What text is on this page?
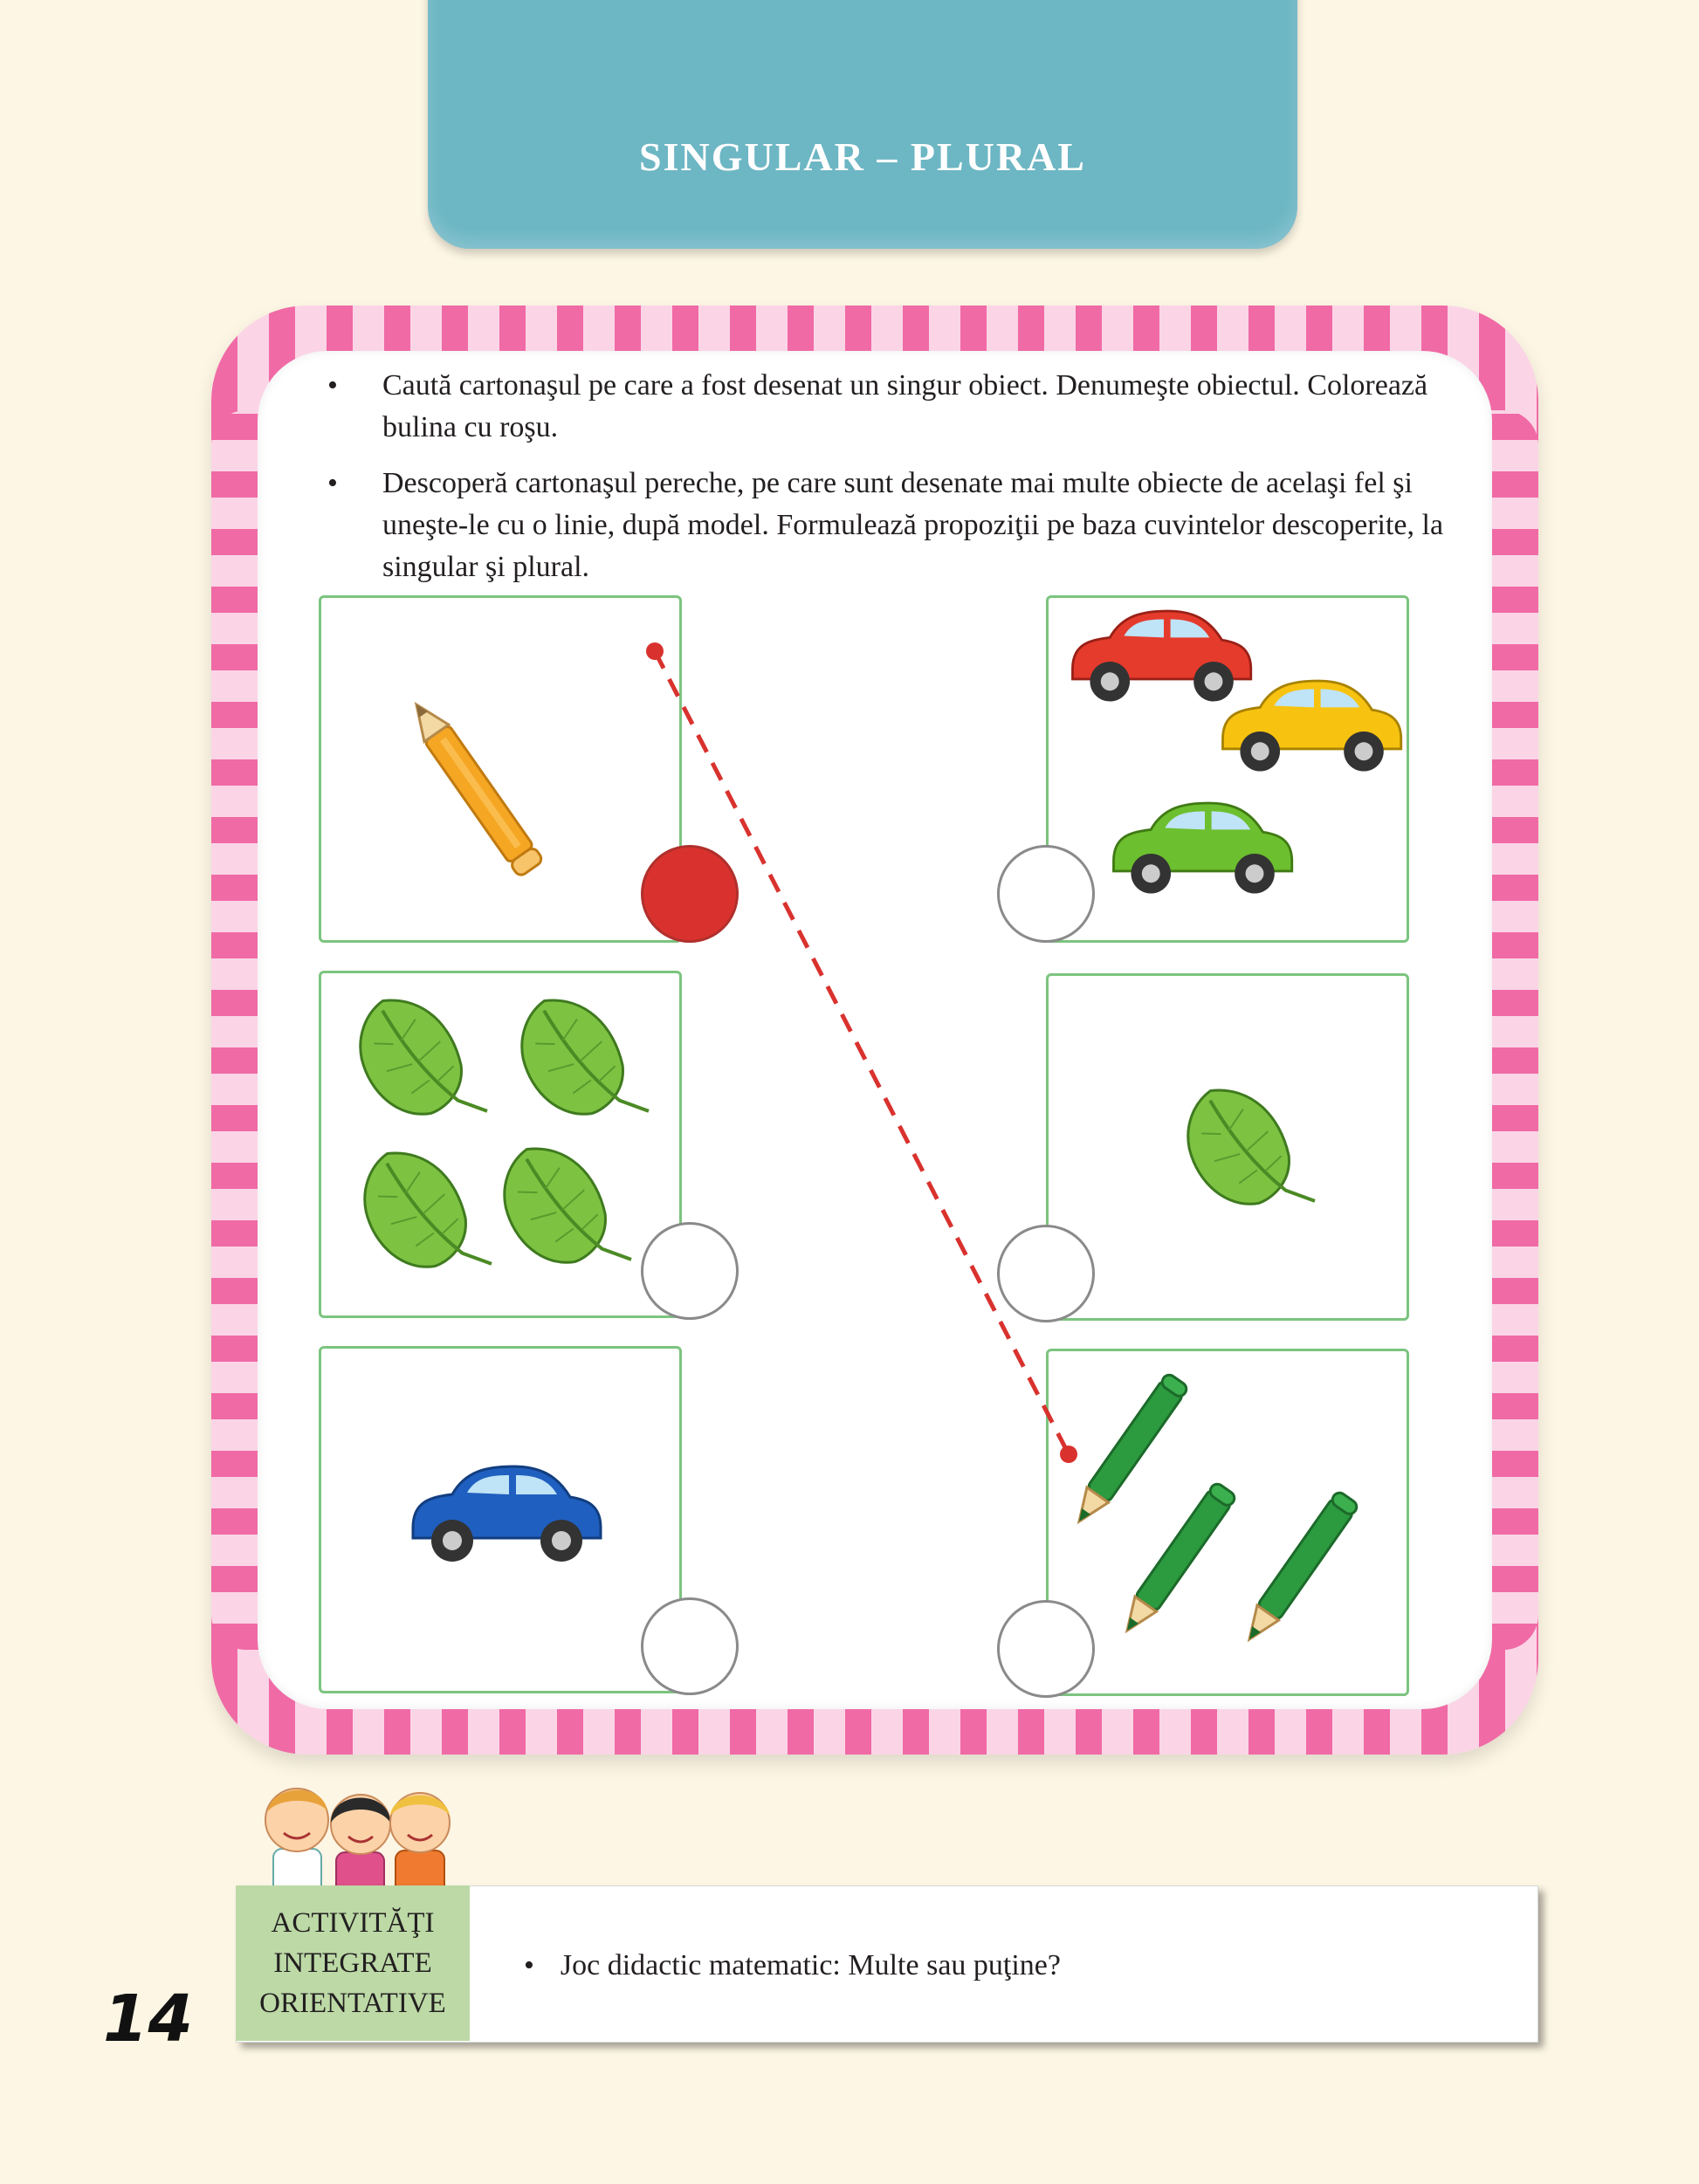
SINGULAR – PLURAL
•	Caută cartonaşul pe care a fost desenat un singur obiect. Denumeşte obiectul. Colorează bulina cu roşu.
•	Descoperă cartonaşul pereche, pe care sunt desenate mai multe obiecte de acelaşi fel şi uneşte-le cu o linie, după model. Formulează propoziţii pe baza cuvintelor descoperite, la singular şi plural.
ACTIVITĂŢI
INTEGRATE
ORIENTATIVE
• Joc didactic matematic: Multe sau puţine?
14
